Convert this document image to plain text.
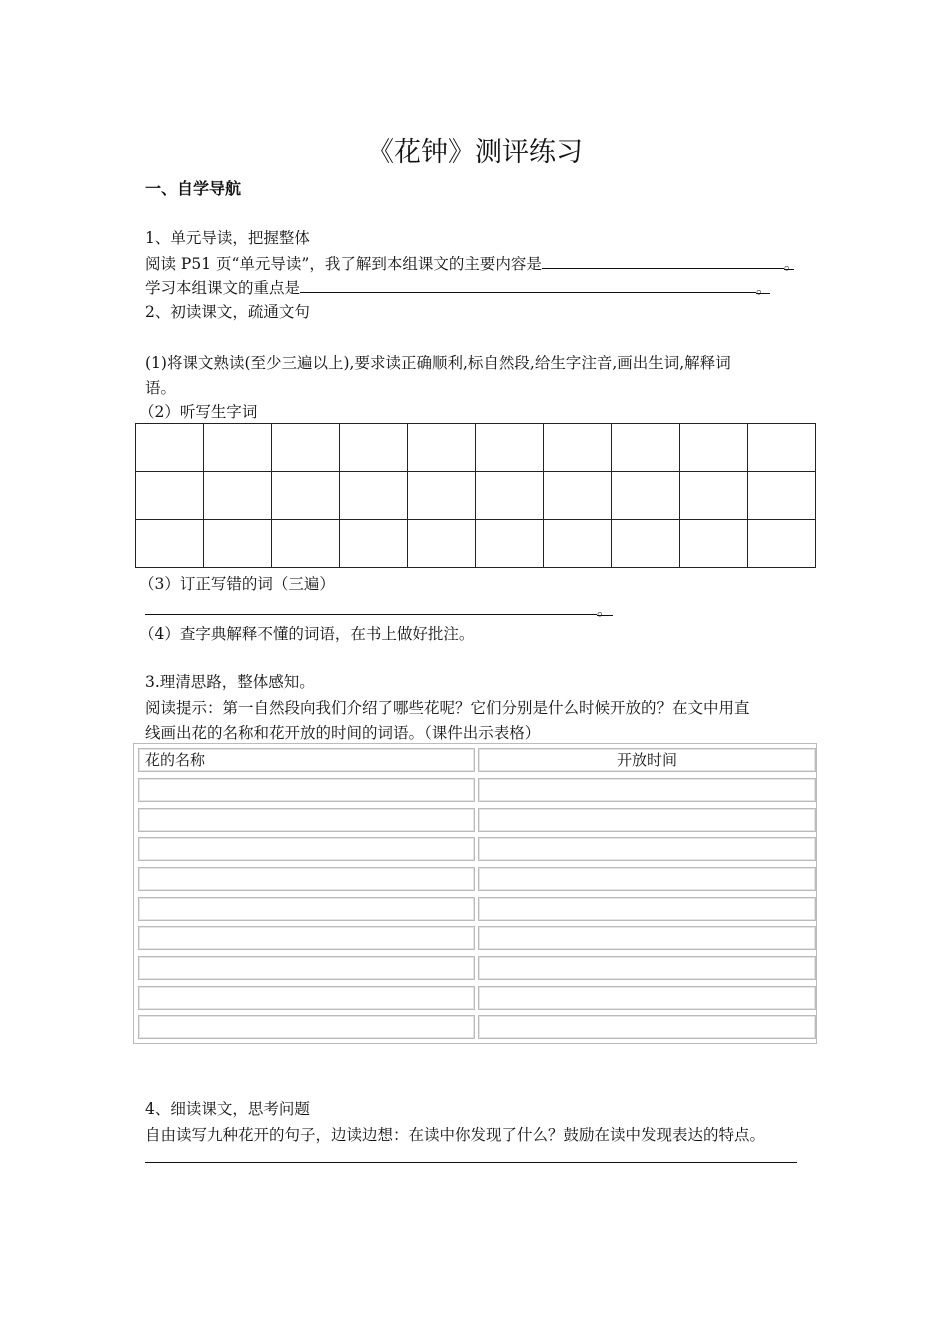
《花钟》测评练习
一、自学导航
1、单元导读，把握整体
阅读 P51 页“单元导读”，我了解到本组课文的主要内容是	。
学习本组课文的重点是	。
2、初读课文，疏通文句
(1)将课文熟读(至少三遍以上),要求读正确顺利,标自然段,给生字注音,画出生词,解释词
语。
（2）听写生字词

（3）订正写错的词（三遍）
。
（4）查字典解释不懂的词语，在书上做好批注。
3.理清思路，整体感知。
阅读提示：第一自然段向我们介绍了哪些花呢？它们分别是什么时候开放的？在文中用直
线画出花的名称和花开放的时间的词语。（课件出示表格）
花的名称	开放时间
4、细读课文，思考问题
自由读写九种花开的句子，边读边想：在读中你发现了什么？鼓励在读中发现表达的特点。
